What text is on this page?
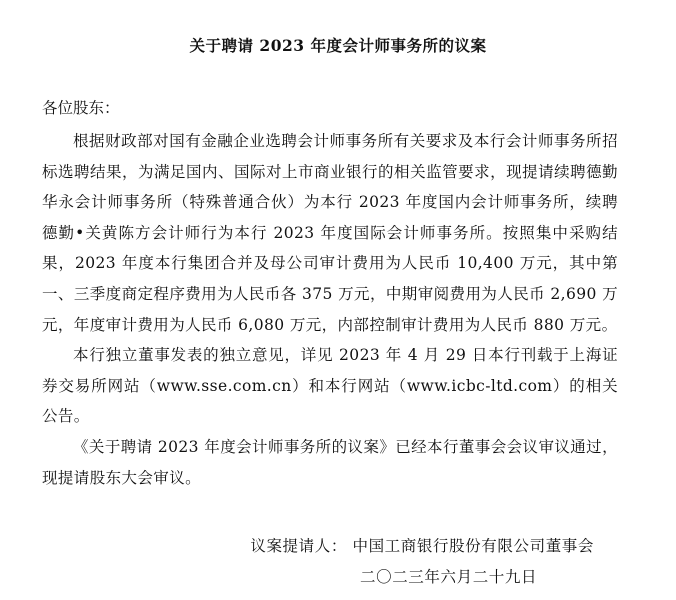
关于聘请 2023 年度会计师事务所的议案
各位股东：

根据财政部对国有金融企业选聘会计师事务所有关要求及本行会计师事务所招标选聘结果，为满足国内、国际对上市商业银行的相关监管要求，现提请续聘德勤华永会计师事务所（特殊普通合伙）为本行 2023 年度国内会计师事务所，续聘德勤•关黄陈方会计师行为本行 2023 年度国际会计师事务所。按照集中采购结果，2023 年度本行集团合并及母公司审计费用为人民币 10,400 万元，其中第一、三季度商定程序费用为人民币各 375 万元，中期审阅费用为人民币 2,690 万元，年度审计费用为人民币 6,080 万元，内部控制审计费用为人民币 880 万元。

本行独立董事发表的独立意见，详见 2023 年 4 月 29 日本行刊载于上海证券交易所网站（www.sse.com.cn）和本行网站（www.icbc-ltd.com）的相关公告。

《关于聘请 2023 年度会计师事务所的议案》已经本行董事会会议审议通过，现提请股东大会审议。

议案提请人： 中国工商银行股份有限公司董事会
二〇二三年六月二十九日
